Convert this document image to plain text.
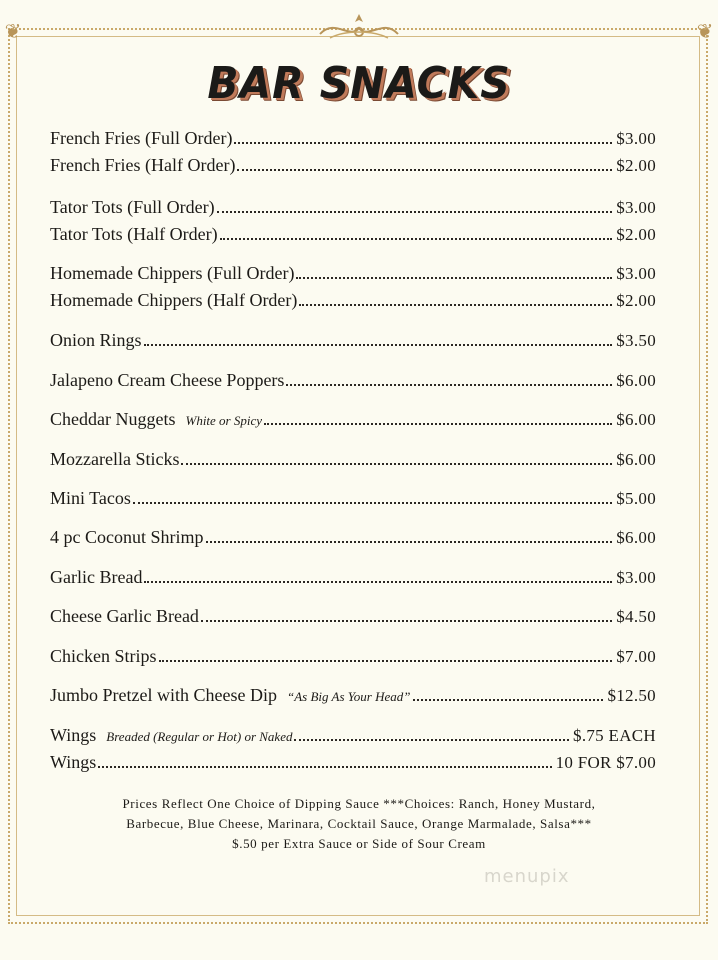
❦	❦
BAR SNACKS
French Fries (Full Order)	$3.00
French Fries (Half Order)	$2.00
Tator Tots (Full Order)	$3.00
Tator Tots (Half Order)	$2.00
Homemade Chippers (Full Order)	$3.00
Homemade Chippers (Half Order)	$2.00
Onion Rings	$3.50
Jalapeno Cream Cheese Poppers	$6.00
Cheddar Nuggets White or Spicy	$6.00
Mozzarella Sticks	$6.00
Mini Tacos	$5.00
4 pc Coconut Shrimp	$6.00
Garlic Bread	$3.00
Cheese Garlic Bread	$4.50
Chicken Strips	$7.00
Jumbo Pretzel with Cheese Dip “As Big As Your Head”	$12.50
Wings Breaded (Regular or Hot) or Naked	$.75 EACH
Wings	10 FOR $7.00
Prices Reflect One Choice of Dipping Sauce ***Choices: Ranch, Honey Mustard,
Barbecue, Blue Cheese, Marinara, Cocktail Sauce, Orange Marmalade, Salsa***
$.50 per Extra Sauce or Side of Sour Cream
menupix
